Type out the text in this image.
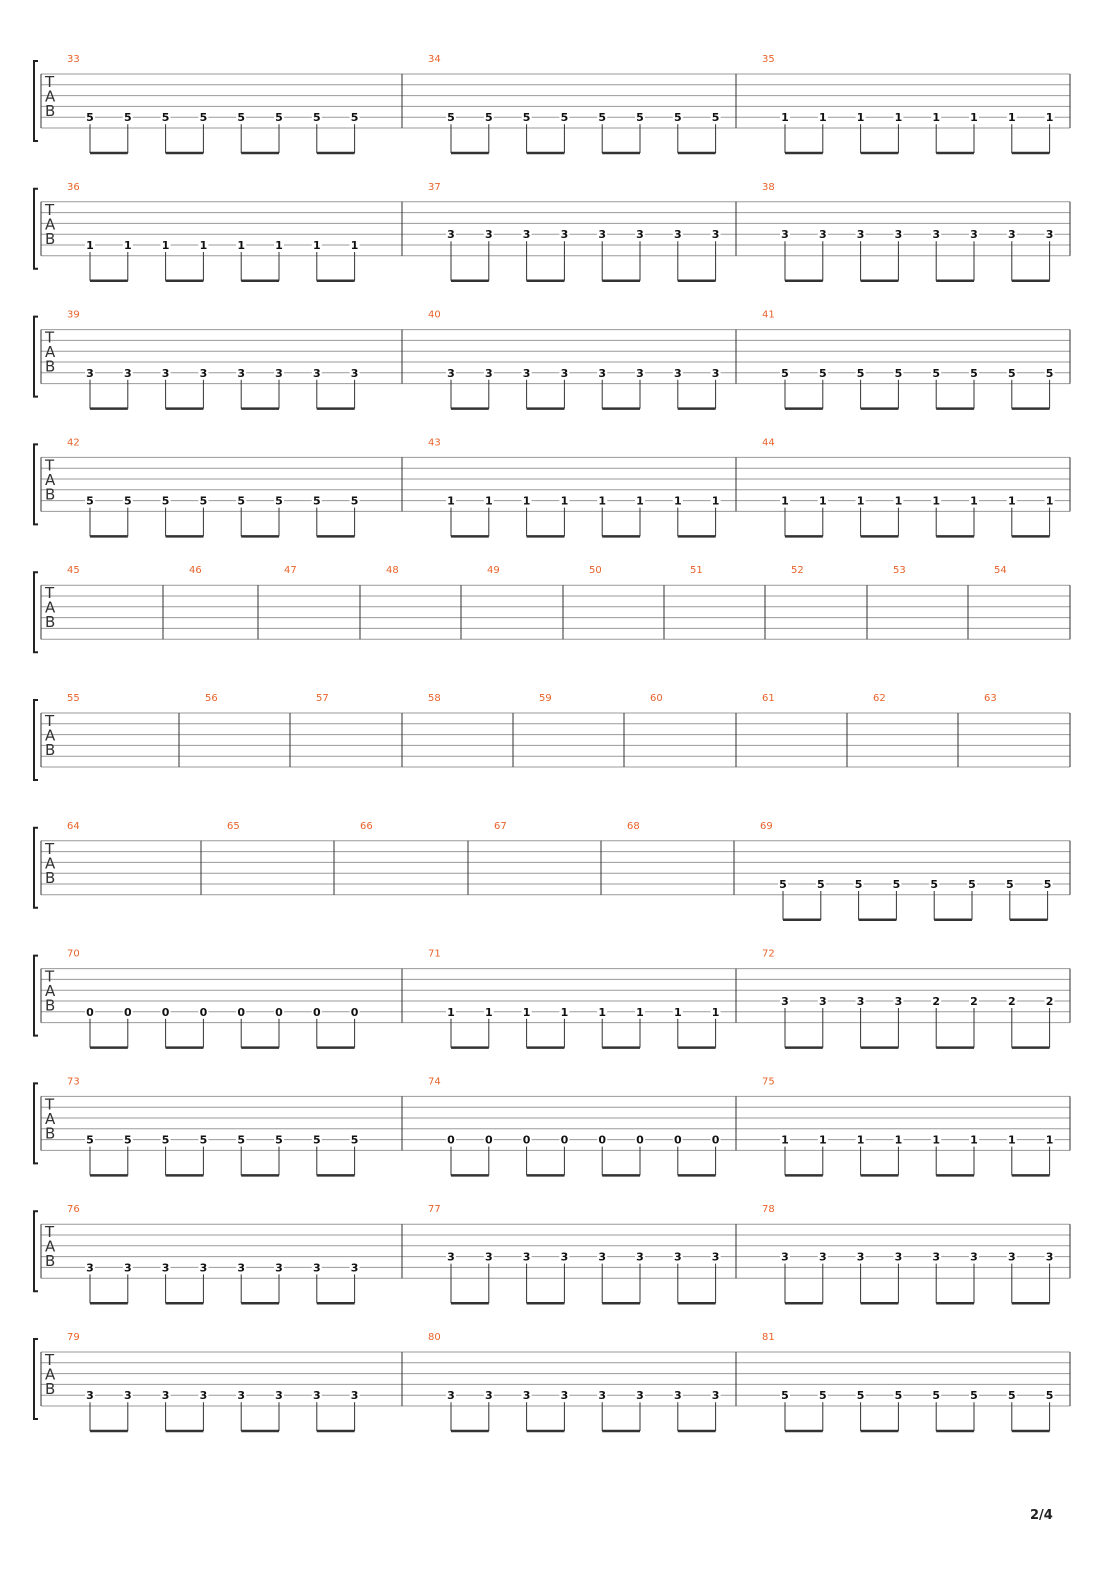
T
A
B
33
5	5	5	5	5	5	5	5
34
5	5	5	5	5	5	5	5
35
1	1	1	1	1	1	1	1
T
A
B
36
1	1	1	1	1	1	1	1
37
3	3	3	3	3	3	3	3
38
3	3	3	3	3	3	3	3
T
A
B
39
3	3	3	3	3	3	3	3
40
3	3	3	3	3	3	3	3
41
5	5	5	5	5	5	5	5
T
A
B
42
5	5	5	5	5	5	5	5
43
1	1	1	1	1	1	1	1
44
1	1	1	1	1	1	1	1
T
A
B
45	46	47	48	49	50	51	52	53	54
T
A
B
55	56	57	58	59	60	61	62	63
T
A
B
64	65	66	67	68	69
5	5	5	5	5	5	5	5
T
A
B
70
0	0	0	0	0	0	0	0
71
1	1	1	1	1	1	1	1
72
3	3	3	3	2	2	2	2
T
A
B
73
5	5	5	5	5	5	5	5
74
0	0	0	0	0	0	0	0
75
1	1	1	1	1	1	1	1
T
A
B
76
3	3	3	3	3	3	3	3
77
3	3	3	3	3	3	3	3
78
3	3	3	3	3	3	3	3
T
A
B
79
3	3	3	3	3	3	3	3
80
3	3	3	3	3	3	3	3
81
5	5	5	5	5	5	5	5
2/4
